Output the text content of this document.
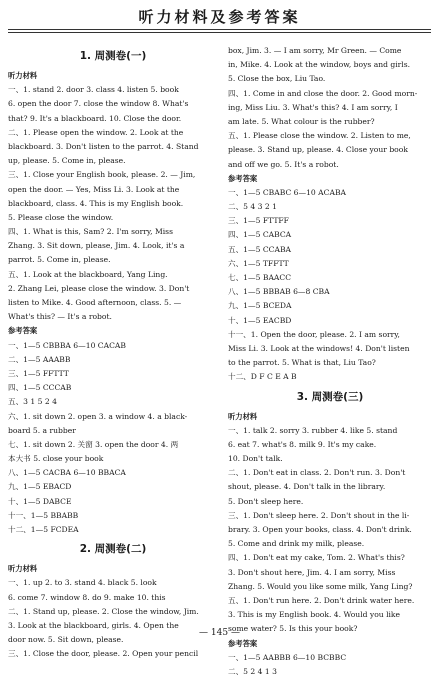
听力材料及参考答案
1. 周测卷(一)
听力材料
一、1. stand 2. door 3. class 4. listen 5. book
6. open the door 7. close the window 8. What's
that? 9. It's a blackboard. 10. Close the door.
二、1. Please open the window. 2. Look at the
blackboard. 3. Don't listen to the parrot. 4. Stand
up, please. 5. Come in, please.
三、1. Close your English book, please. 2. — Jim,
open the door. — Yes, Miss Li. 3. Look at the
blackboard, class. 4. This is my English book.
5. Please close the window.
四、1. What is this, Sam? 2. I'm sorry, Miss
Zhang. 3. Sit down, please, Jim. 4. Look, it's a
parrot. 5. Come in, please.
五、1. Look at the blackboard, Yang Ling.
2. Zhang Lei, please close the window. 3. Don't
listen to Mike. 4. Good afternoon, class. 5. —
What's this? — It's a robot.
参考答案
一、1—5 CBBBA 6—10 CACAB
二、1—5 AAABB
三、1—5 FFTTT
四、1—5 CCCAB
五、3 1 5 2 4
六、1. sit down 2. open 3. a window 4. a black-
board 5. a rubber
七、1. sit down 2. 关窗 3. open the door 4. 两
本大书 5. close your book
八、1—5 CACBA 6—10 BBACA
九、1—5 EBACD
十、1—5 DABCE
十一、1—5 BBABB
十二、1—5 FCDEA
2. 周测卷(二)
听力材料
一、1. up 2. to 3. stand 4. black 5. look
6. come 7. window 8. do 9. make 10. this
二、1. Stand up, please. 2. Close the window, Jim.
3. Look at the blackboard, girls. 4. Open the
door now. 5. Sit down, please.
三、1. Close the door, please. 2. Open your pencil
box, Jim. 3. — I am sorry, Mr Green. — Come
in, Mike. 4. Look at the window, boys and girls.
5. Close the box, Liu Tao.
四、1. Come in and close the door. 2. Good morn-
ing, Miss Liu. 3. What's this? 4. I am sorry, I
am late. 5. What colour is the rubber?
五、1. Please close the window. 2. Listen to me,
please. 3. Stand up, please. 4. Close your book
and off we go. 5. It's a robot.
参考答案
一、1—5 CBABC 6—10 ACABA
二、5 4 3 2 1
三、1—5 FTTFF
四、1—5 CABCA
五、1—5 CCABA
六、1—5 TFFTT
七、1—5 BAACC
八、1—5 BBBAB 6—8 CBA
九、1—5 BCEDA
十、1—5 EACBD
十一、1. Open the door, please. 2. I am sorry,
Miss Li. 3. Look at the windows! 4. Don't listen
to the parrot. 5. What is that, Liu Tao?
十二、D F C E A B
3. 周测卷(三)
听力材料
一、1. talk 2. sorry 3. rubber 4. like 5. stand
6. eat 7. what's 8. milk 9. It's my cake.
10. Don't talk.
二、1. Don't eat in class. 2. Don't run. 3. Don't
shout, please. 4. Don't talk in the library.
5. Don't sleep here.
三、1. Don't sleep here. 2. Don't shout in the li-
brary. 3. Open your books, class. 4. Don't drink.
5. Come and drink my milk, please.
四、1. Don't eat my cake, Tom. 2. What's this?
3. Don't shout here, Jim. 4. I am sorry, Miss
Zhang. 5. Would you like some milk, Yang Ling?
五、1. Don't run here. 2. Don't drink water here.
3. This is my English book. 4. Would you like
some water? 5. Is this your book?
参考答案
一、1—5 AABBB 6—10 BCBBC
二、5 2 4 1 3
— 145 —
